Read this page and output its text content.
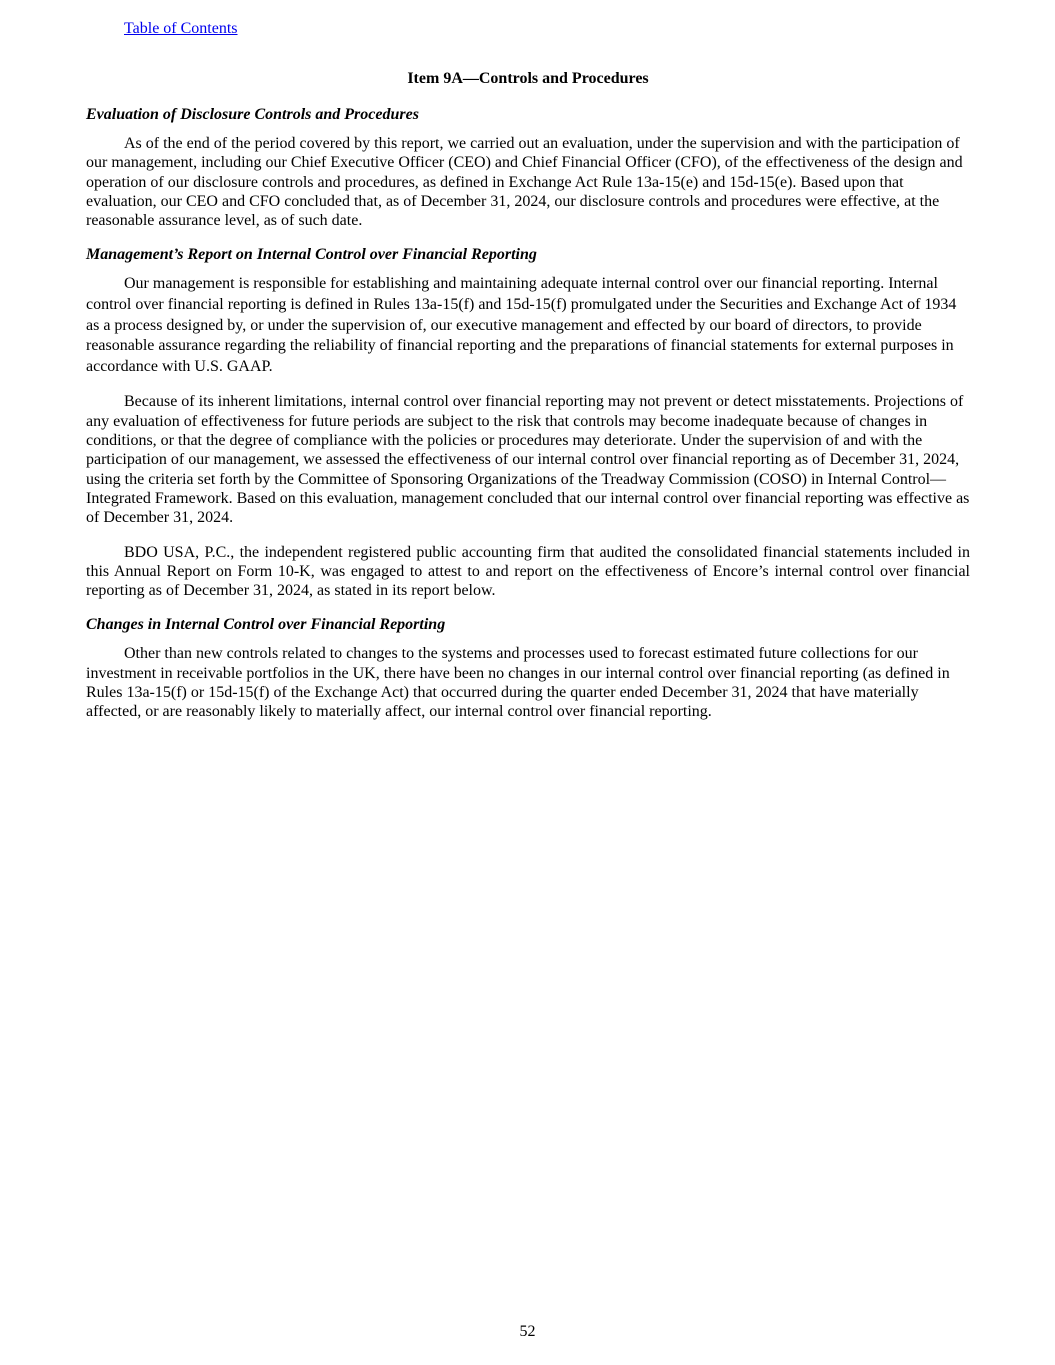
Table of Contents
Item 9A—Controls and Procedures
Evaluation of Disclosure Controls and Procedures

As of the end of the period covered by this report, we carried out an evaluation, under the supervision and with the participation of our management, including our Chief Executive Officer (CEO) and Chief Financial Officer (CFO), of the effectiveness of the design and operation of our disclosure controls and procedures, as defined in Exchange Act Rule 13a-15(e) and 15d-15(e). Based upon that evaluation, our CEO and CFO concluded that, as of December 31, 2024, our disclosure controls and procedures were effective, at the reasonable assurance level, as of such date.

Management’s Report on Internal Control over Financial Reporting

Our management is responsible for establishing and maintaining adequate internal control over our financial reporting. Internal control over financial reporting is defined in Rules 13a-15(f) and 15d-15(f) promulgated under the Securities and Exchange Act of 1934 as a process designed by, or under the supervision of, our executive management and effected by our board of directors, to provide reasonable assurance regarding the reliability of financial reporting and the preparations of financial statements for external purposes in accordance with U.S. GAAP.

Because of its inherent limitations, internal control over financial reporting may not prevent or detect misstatements. Projections of any evaluation of effectiveness for future periods are subject to the risk that controls may become inadequate because of changes in conditions, or that the degree of compliance with the policies or procedures may deteriorate. Under the supervision of and with the participation of our management, we assessed the effectiveness of our internal control over financial reporting as of December 31, 2024, using the criteria set forth by the Committee of Sponsoring Organizations of the Treadway Commission (COSO) in Internal Control—Integrated Framework. Based on this evaluation, management concluded that our internal control over financial reporting was effective as of December 31, 2024.

BDO USA, P.C., the independent registered public accounting firm that audited the consolidated financial statements included in this Annual Report on Form 10-K, was engaged to attest to and report on the effectiveness of Encore’s internal control over financial reporting as of December 31, 2024, as stated in its report below.

Changes in Internal Control over Financial Reporting

Other than new controls related to changes to the systems and processes used to forecast estimated future collections for our investment in receivable portfolios in the UK, there have been no changes in our internal control over financial reporting (as defined in Rules 13a-15(f) or 15d-15(f) of the Exchange Act) that occurred during the quarter ended December 31, 2024 that have materially affected, or are reasonably likely to materially affect, our internal control over financial reporting.

52
